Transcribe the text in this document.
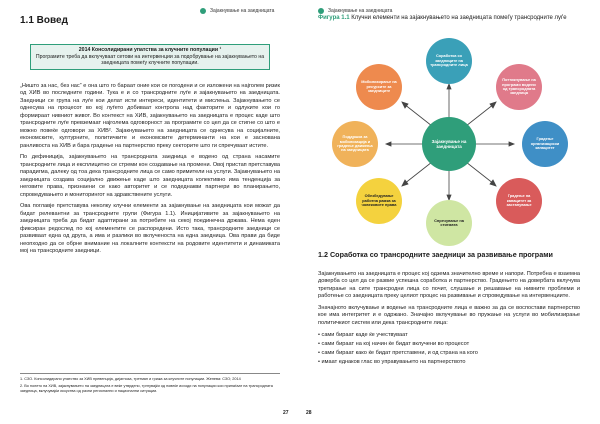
Зајакнување на заедницата
1.1 Вовед
2014 Консолидирани упатства за клучните популации ¹
Програмите треба да вклучуваат сетови на интервенции за подобрување на зајакнувањето на заедницата помеѓу клучните популации.

„Ништо за нас, без нас“ е она што го бараат оние кои се погодени и се изложени на најголем ризик од ХИВ во последните години. Тука е и со трансродните луѓе и зајакнувањето на заедницата. Заедници се група на луѓе кои делат исти интереси, идентитети и мислења. Зајакнувањето се однесува на процесот во кој луѓето добиваат контрола над факторите и одлуките кои го формираат нивниот живот. Во контекст на ХИВ, зајакнувањето на заедницата е процес каде што трансродните луѓе превземаат најголема одговорност за програмите со цел да се стигне со што е можно повеќе одговори за ХИВ². Зајакнувањето на заедницата се однесува на социјалните, економските, културните, политичките и економските детерминанти на кои е заснована ранливоста на ХИВ и бара градење на партнерство преку секторите што ги спречуваат истите.

По дефиниција, зајакнувањето на трансродната заедница е водено од страна насамите трансродните лица и експлицитно се стреми кон создавање на промени. Овој пристап претставува парадигма, далеку од тоа дека трансродните лица се само примители на услуги. Зајакнувањето на заедницата создава социјално движење каде што заедницата колективно има тенденција за неговите права, признаени се како авторитет и се подеднакви партнери во планирањето, спроведувањето и мониторингот на здравствените услуги.

Ова поглавје претставува неколку клучни елементи за зајакнување на заедницата кои можат да бидат релевантни за трансродните групи (Фигура 1.1). Иницијативите за зајакнувањето на заедницата треба да бидат адаптирани за потребите на секој поединечна држава. Нема еден фиксиран редослед по кој елементите се распоредени. Исто така, трансродните заедници се развиваат една од друга, а има и разлики во вклученоста на една заедница. Ова прави да биде неопходно да се обрне внимание на локалните контексти на родовите идентитети и динамиката мој на трансродните заедници.

1. СЗО. Консолидирано упатство за ХИВ превенција, дијагноза, третман и грижа за клучните популации. Женева: СЗО; 2014

2. Во полето на ХИВ, зајакнувањето на заедницата е веќе утврдено, тргнувајќи од повеќе исходи на популации кои припаѓаат на трансродната заедница, вклучувајќи искуства од разни регионални и национални ситуации.

27
Зајакнување на заедницата
Фигура 1.1 Клучни елементи на зајакнувањето на заедницата помеѓу трансродните луѓе
Зајакнување на заедницата
Соработка со заедниците на трансродните лица
Поттикнување на програми водени од трансродната заедница
Градење организациски капацитет
Градење на капацитет за застапување
Спречување на стигмата
Обезбедување работна рамка за човековите права
Поддршка за мобилизација и градење движења на заедницата
Мобилизирање на ресурсите за заедниците
1.2 Соработка со трансродните заедници за развивање програми

Зајакнувањето на заедницата е процес кој одзема значително време и напори. Потребна е взаемна доверба со цел да се развие успешна соработка и партнерство. Градењето на довербата вклучува третирање на сите трансродни лица со почит, слушање и решавање на нивните проблеми и работење со заедницата преку целиот процес на развивање и спроведување на интервенциите.

Значајното вклучување и водење на трансродните лица е важно за да се воспостави партнерство кое има интегритет и е одржано. Значајно вклучување во пружање на услуги во мобилизирање политичкиот систем или дека трансродните лица:

• сами бираат каде ќе учествуваат
• сами бираат на кој начин ќе бидат вклучени во процесот
• сами бираат како ќе бидат претставени, и од страна на кого
• имаат еднаков глас во управувањето на партнерството
28
